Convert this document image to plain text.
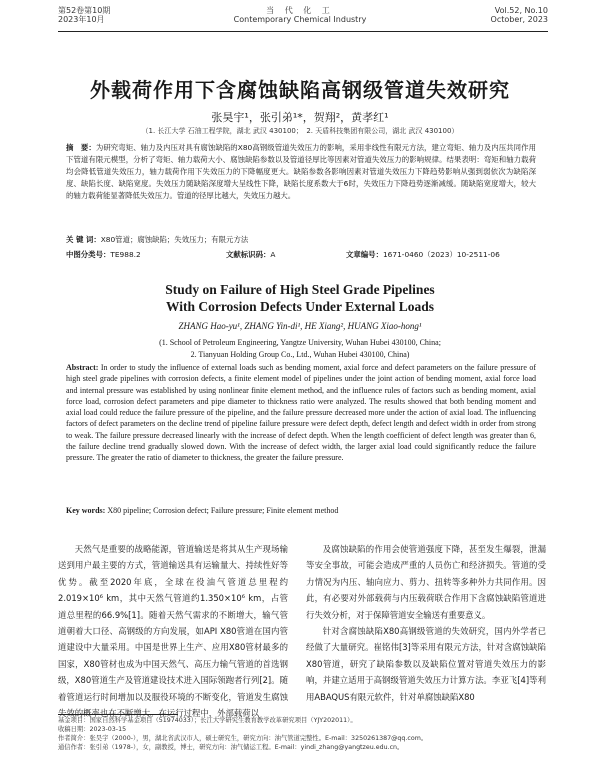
第52卷第10期
2023年10月
当 代 化 工
Contemporary Chemical Industry
Vol.52, No.10
October, 2023
外载荷作用下含腐蚀缺陷高钢级管道失效研究
张昊宇¹，张引弟¹*，贺翔²，黄孝红¹
（1. 长江大学 石油工程学院，湖北 武汉 430100；　2. 天盾科技集团有限公司，湖北 武汉 430100）
摘　要：为研究弯矩、轴力及内压对具有腐蚀缺陷的X80高钢级管道失效压力的影响，采用非线性有限元方法，建立弯矩、轴力及内压共同作用下管道有限元模型，分析了弯矩、轴力载荷大小、腐蚀缺陷参数以及管道径厚比等因素对管道失效压力的影响规律。结果表明：弯矩和轴力载荷均会降低管道失效压力，轴力载荷作用下失效压力的下降幅度更大。缺陷参数各影响因素对管道失效压力下降趋势影响从强到弱依次为缺陷深度、缺陷长度、缺陷宽度。失效压力随缺陷深度增大呈线性下降，缺陷长度系数大于6时，失效压力下降趋势逐渐减缓。随缺陷宽度增大，较大的轴力载荷能显著降低失效压力。管道的径厚比越大，失效压力越大。
关 键 词：X80管道；腐蚀缺陷；失效压力；有限元方法
中图分类号：TE988.2	文献标识码：A	文章编号：1671-0460（2023）10-2511-06
Study on Failure of High Steel Grade Pipelines With Corrosion Defects Under External Loads
ZHANG Hao-yu¹, ZHANG Yin-di¹, HE Xiang², HUANG Xiao-hong¹
(1. School of Petroleum Engineering, Yangtze University, Wuhan Hubei 430100, China;
2. Tianyuan Holding Group Co., Ltd., Wuhan Hubei 430100, China)
Abstract: In order to study the influence of external loads such as bending moment, axial force and defect parameters on the failure pressure of high steel grade pipelines with corrosion defects, a finite element model of pipelines under the joint action of bending moment, axial force load and internal pressure was established by using nonlinear finite element method, and the influence rules of factors such as bending moment, axial force load, corrosion defect parameters and pipe diameter to thickness ratio were analyzed. The results showed that both bending moment and axial load could reduce the failure pressure of the pipeline, and the failure pressure decreased more under the action of axial load. The influencing factors of defect parameters on the decline trend of pipeline failure pressure were defect depth, defect length and defect width in order from strong to weak. The failure pressure decreased linearly with the increase of defect depth. When the length coefficient of defect length was greater than 6, the failure decline trend gradually slowed down. With the increase of defect width, the larger axial load could significantly reduce the failure pressure. The greater the ratio of diameter to thickness, the greater the failure pressure.
Key words: X80 pipeline; Corrosion defect; Failure pressure; Finite element method

天然气是重要的战略能源，管道输送是将其从生产现场输送到用户最主要的方式，管道输送具有运输量大、持续性好等优势。截至2020年底，全球在役油气管道总里程约2.019×10⁶ km，其中天然气管道约1.350×10⁶ km，占管道总里程的66.9%[1]。随着天然气需求的不断增大，输气管道朝着大口径、高钢级的方向发展，如API X80管道在国内管道建设中大量采用。中国是世界上生产、应用X80管材最多的国家，X80管材也成为中国天然气、高压力输气管道的首选钢级，X80管道生产及管道建设技术进入国际领跑者行列[2]。随着管道运行时间增加以及服役环境的不断变化，管道发生腐蚀失效的概率也在不断增大。在运行过程中，外部载荷以

及腐蚀缺陷的作用会使管道强度下降，甚至发生爆裂，泄漏等安全事故，可能会造成严重的人员伤亡和经济损失。管道的受力情况为内压、轴向应力、剪力、扭转等多种外力共同作用。因此，有必要对外部载荷与内压载荷联合作用下含腐蚀缺陷管道进行失效分析，对于保障管道安全输送有重要意义。

针对含腐蚀缺陷X80高钢级管道的失效研究，国内外学者已经做了大量研究。崔铭伟[3]等采用有限元方法，针对含腐蚀缺陷X80管道，研究了缺陷参数以及缺陷位置对管道失效压力的影响，并建立适用于高钢级管道失效压力计算方法。李亚飞[4]等利用ABAQUS有限元软件，针对单腐蚀缺陷X80

基金项目：国家自然科学基金项目（51974033）；长江大学研究生教育教学改革研究项目（YJY202011）。
收稿日期：2023-03-15
作者简介：张昊宇（2000-），男，湖北省武汉市人，硕士研究生，研究方向：油气管道完整性。E-mail：3250261387@qq.com。
通信作者：张引弟（1978-），女，副教授，博士，研究方向：油气储运工程。E-mail：yindi_zhang@yangtzeu.edu.cn。
